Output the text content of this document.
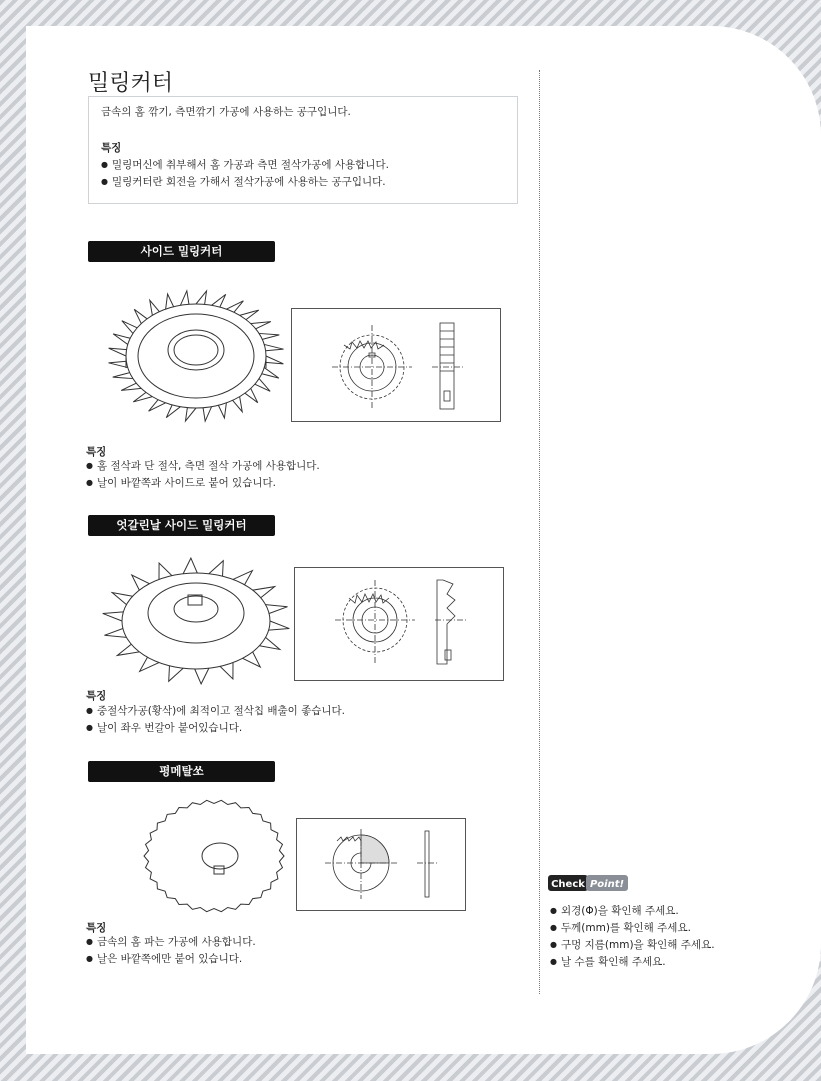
밀링커터
금속의 홈 깎기, 측면깎기 가공에 사용하는 공구입니다.
특징
● 밀링머신에 취부해서 홈 가공과 측면 절삭가공에 사용합니다.
● 밀링커터란 회전을 가해서 절삭가공에 사용하는 공구입니다.
사이드 밀링커터
특징
● 홈 절삭과 단 절삭, 측면 절삭 가공에 사용합니다.
● 날이 바깥쪽과 사이드로 붙어 있습니다.
엇갈린날 사이드 밀링커터
특징
● 중절삭가공(황삭)에 최적이고 절삭칩 배출이 좋습니다.
● 날이 좌우 번갈아 붙어있습니다.
평메탈쏘
특징
● 금속의 홈 파는 가공에 사용합니다.
● 날은 바깥쪽에만 붙어 있습니다.
Check Point!
● 외경(Φ)을 확인해 주세요.
● 두께(mm)를 확인해 주세요.
● 구멍 지름(mm)을 확인해 주세요.
● 날 수를 확인해 주세요.
